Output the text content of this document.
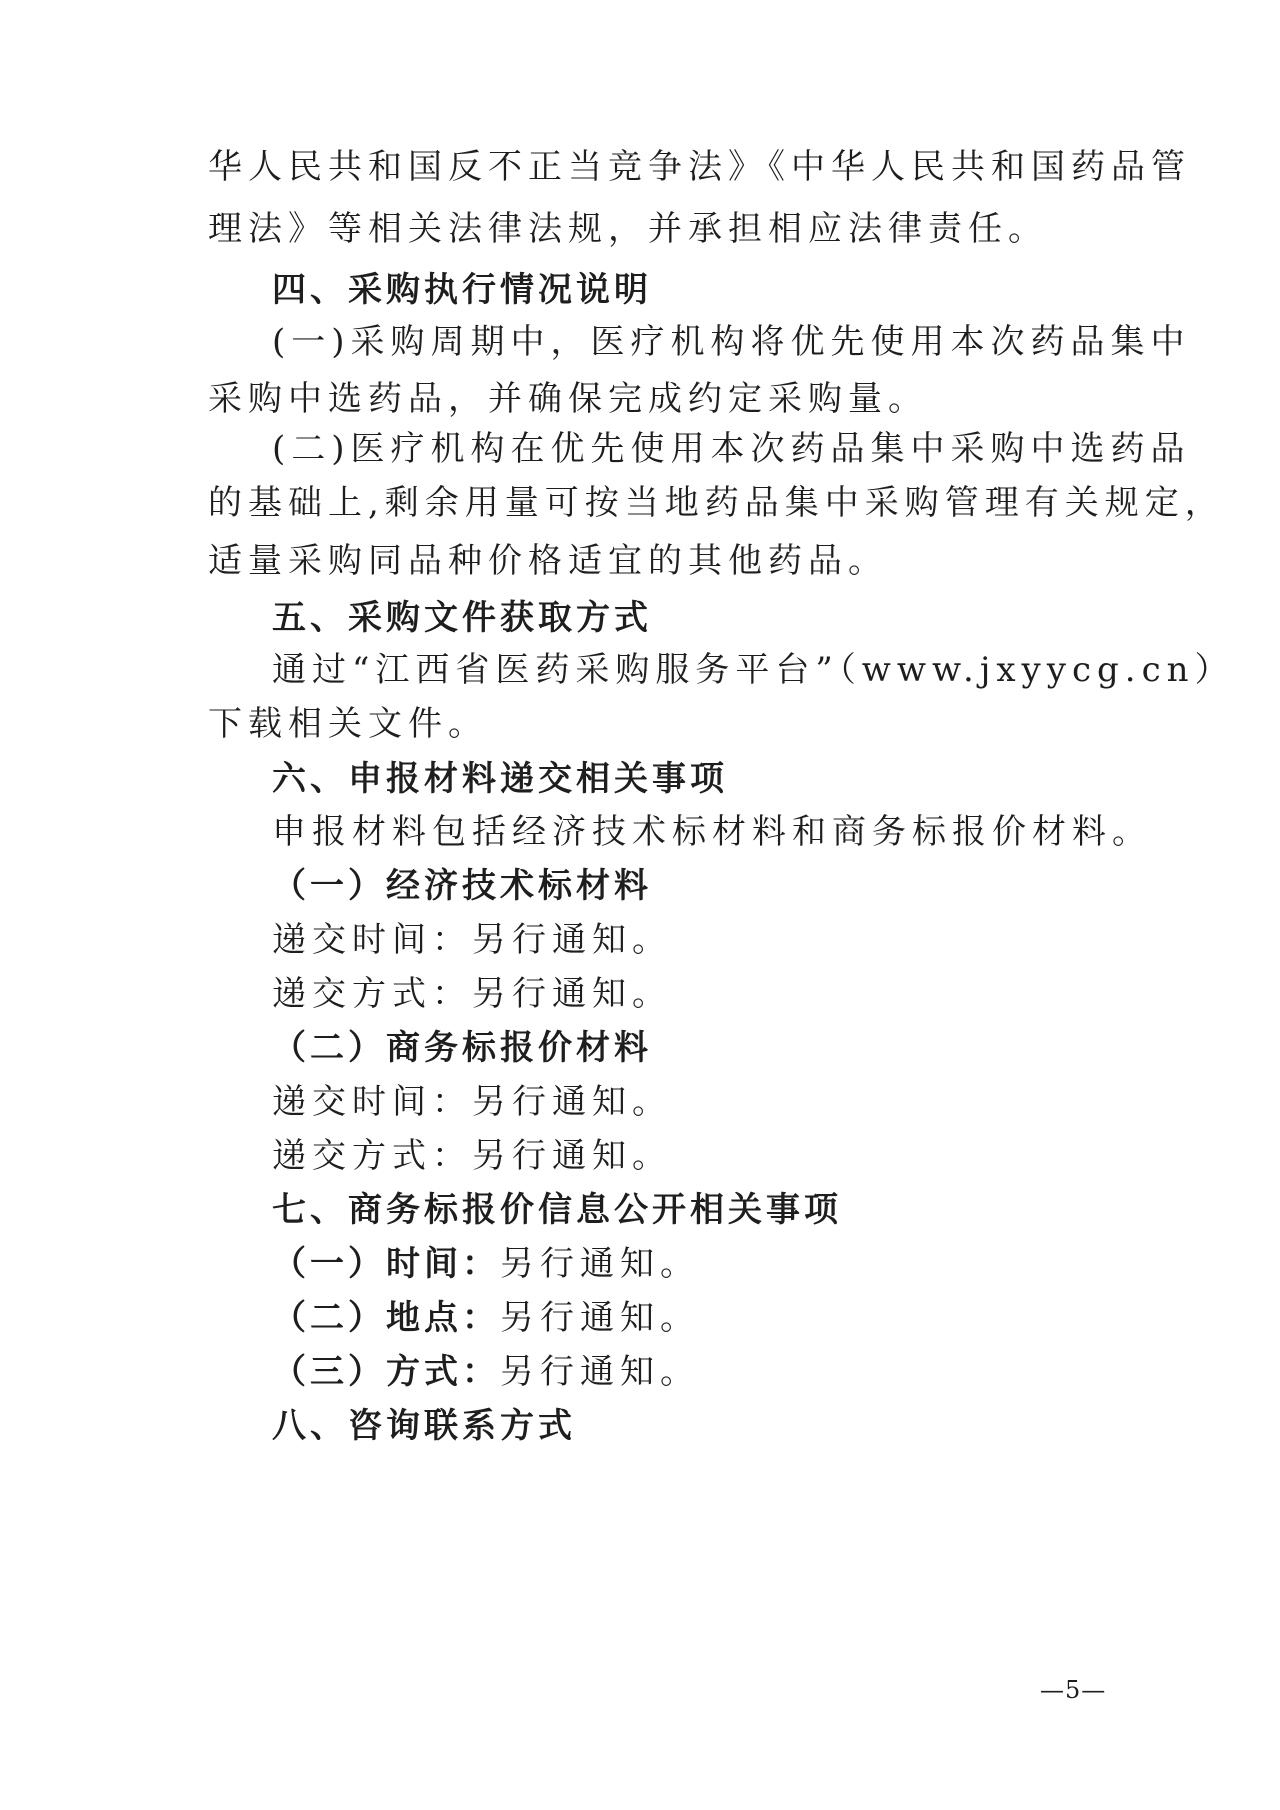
华人民共和国反不正当竞争法》《中华人民共和国药品管
理法》等相关法律法规，并承担相应法律责任。
四、采购执行情况说明
(一)采购周期中，医疗机构将优先使用本次药品集中
采购中选药品，并确保完成约定采购量。
(二)医疗机构在优先使用本次药品集中采购中选药品
的基础上,剩余用量可按当地药品集中采购管理有关规定，
适量采购同品种价格适宜的其他药品。
五、采购文件获取方式
通过“江西省医药采购服务平台”（www.jxyycg.cn）
下载相关文件。
六、申报材料递交相关事项
申报材料包括经济技术标材料和商务标报价材料。
（一）经济技术标材料
递交时间：另行通知。
递交方式：另行通知。
（二）商务标报价材料
递交时间：另行通知。
递交方式：另行通知。
七、商务标报价信息公开相关事项
（一）时间：另行通知。
（二）地点：另行通知。
（三）方式：另行通知。
八、咨询联系方式
—5—
